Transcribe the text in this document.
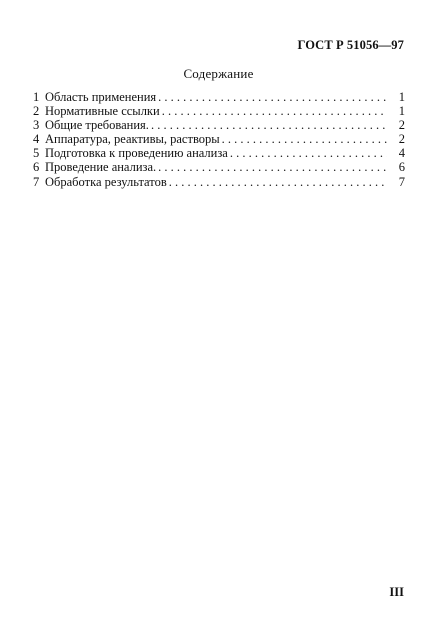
ГОСТ Р 51056—97
Содержание
1 Область применения . . .	1
2 Нормативные ссылки . . .	1
3 Общие требования. . . .	2
4 Аппаратура, реактивы, растворы . . .	2
5 Подготовка к проведению анализа . . .	4
6 Проведение анализа. . . .	6
7 Обработка результатов . . .	7
III
